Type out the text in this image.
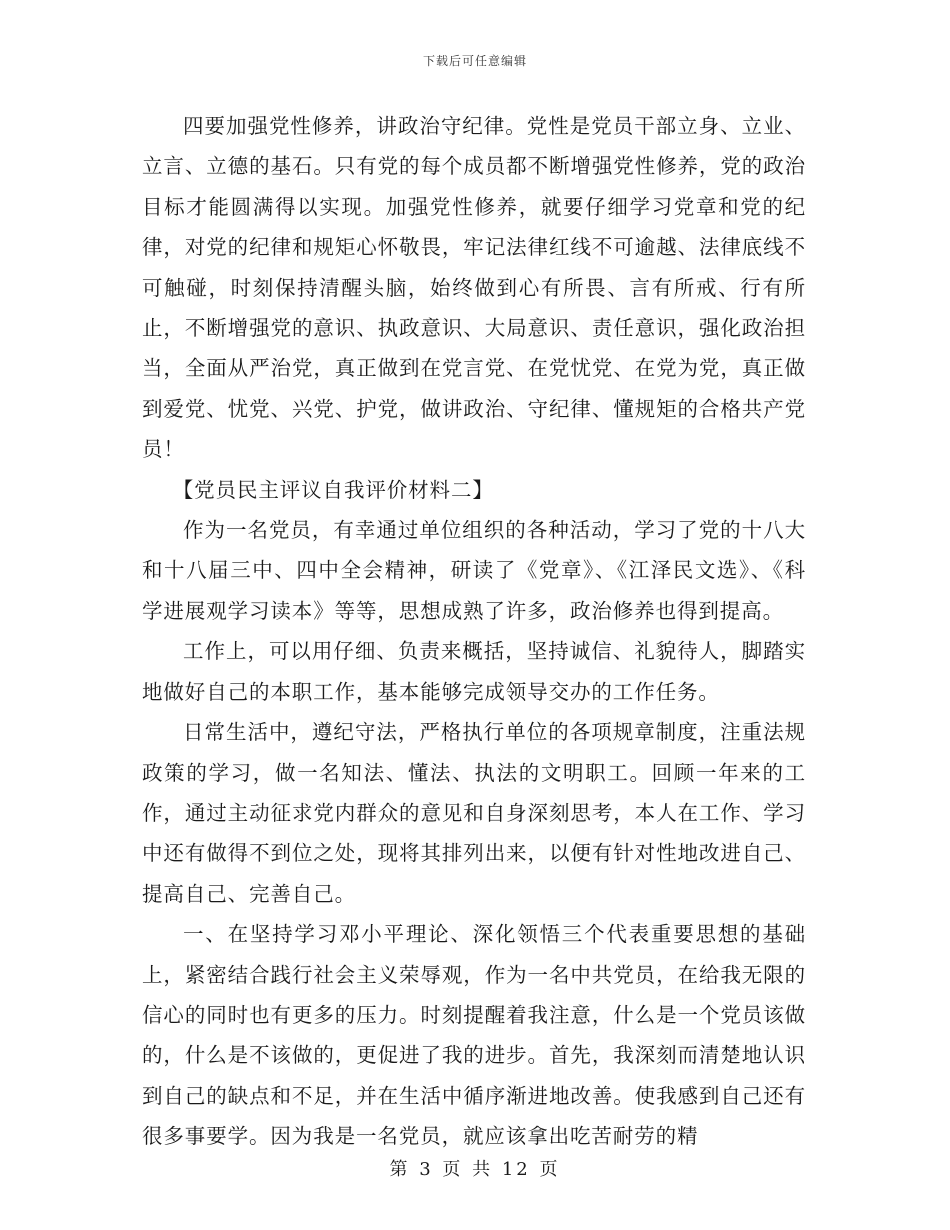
下载后可任意编辑

四要加强党性修养，讲政治守纪律。党性是党员干部立身、立业、立言、立德的基石。只有党的每个成员都不断增强党性修养，党的政治目标才能圆满得以实现。加强党性修养，就要仔细学习党章和党的纪律，对党的纪律和规矩心怀敬畏，牢记法律红线不可逾越、法律底线不可触碰，时刻保持清醒头脑，始终做到心有所畏、言有所戒、行有所止，不断增强党的意识、执政意识、大局意识、责任意识，强化政治担当，全面从严治党，真正做到在党言党、在党忧党、在党为党，真正做到爱党、忧党、兴党、护党，做讲政治、守纪律、懂规矩的合格共产党员！

【党员民主评议自我评价材料二】

作为一名党员，有幸通过单位组织的各种活动，学习了党的十八大和十八届三中、四中全会精神，研读了《党章》、《江泽民文选》、《科学进展观学习读本》等等，思想成熟了许多，政治修养也得到提高。

工作上，可以用仔细、负责来概括，坚持诚信、礼貌待人，脚踏实地做好自己的本职工作，基本能够完成领导交办的工作任务。

日常生活中，遵纪守法，严格执行单位的各项规章制度，注重法规政策的学习，做一名知法、懂法、执法的文明职工。回顾一年来的工作，通过主动征求党内群众的意见和自身深刻思考，本人在工作、学习中还有做得不到位之处，现将其排列出来，以便有针对性地改进自己、提高自己、完善自己。

一、在坚持学习邓小平理论、深化领悟三个代表重要思想的基础上，紧密结合践行社会主义荣辱观，作为一名中共党员，在给我无限的信心的同时也有更多的压力。时刻提醒着我注意，什么是一个党员该做的，什么是不该做的，更促进了我的进步。首先，我深刻而清楚地认识到自己的缺点和不足，并在生活中循序渐进地改善。使我感到自己还有很多事要学。因为我是一名党员，就应该拿出吃苦耐劳的精

第 3 页 共 12 页
